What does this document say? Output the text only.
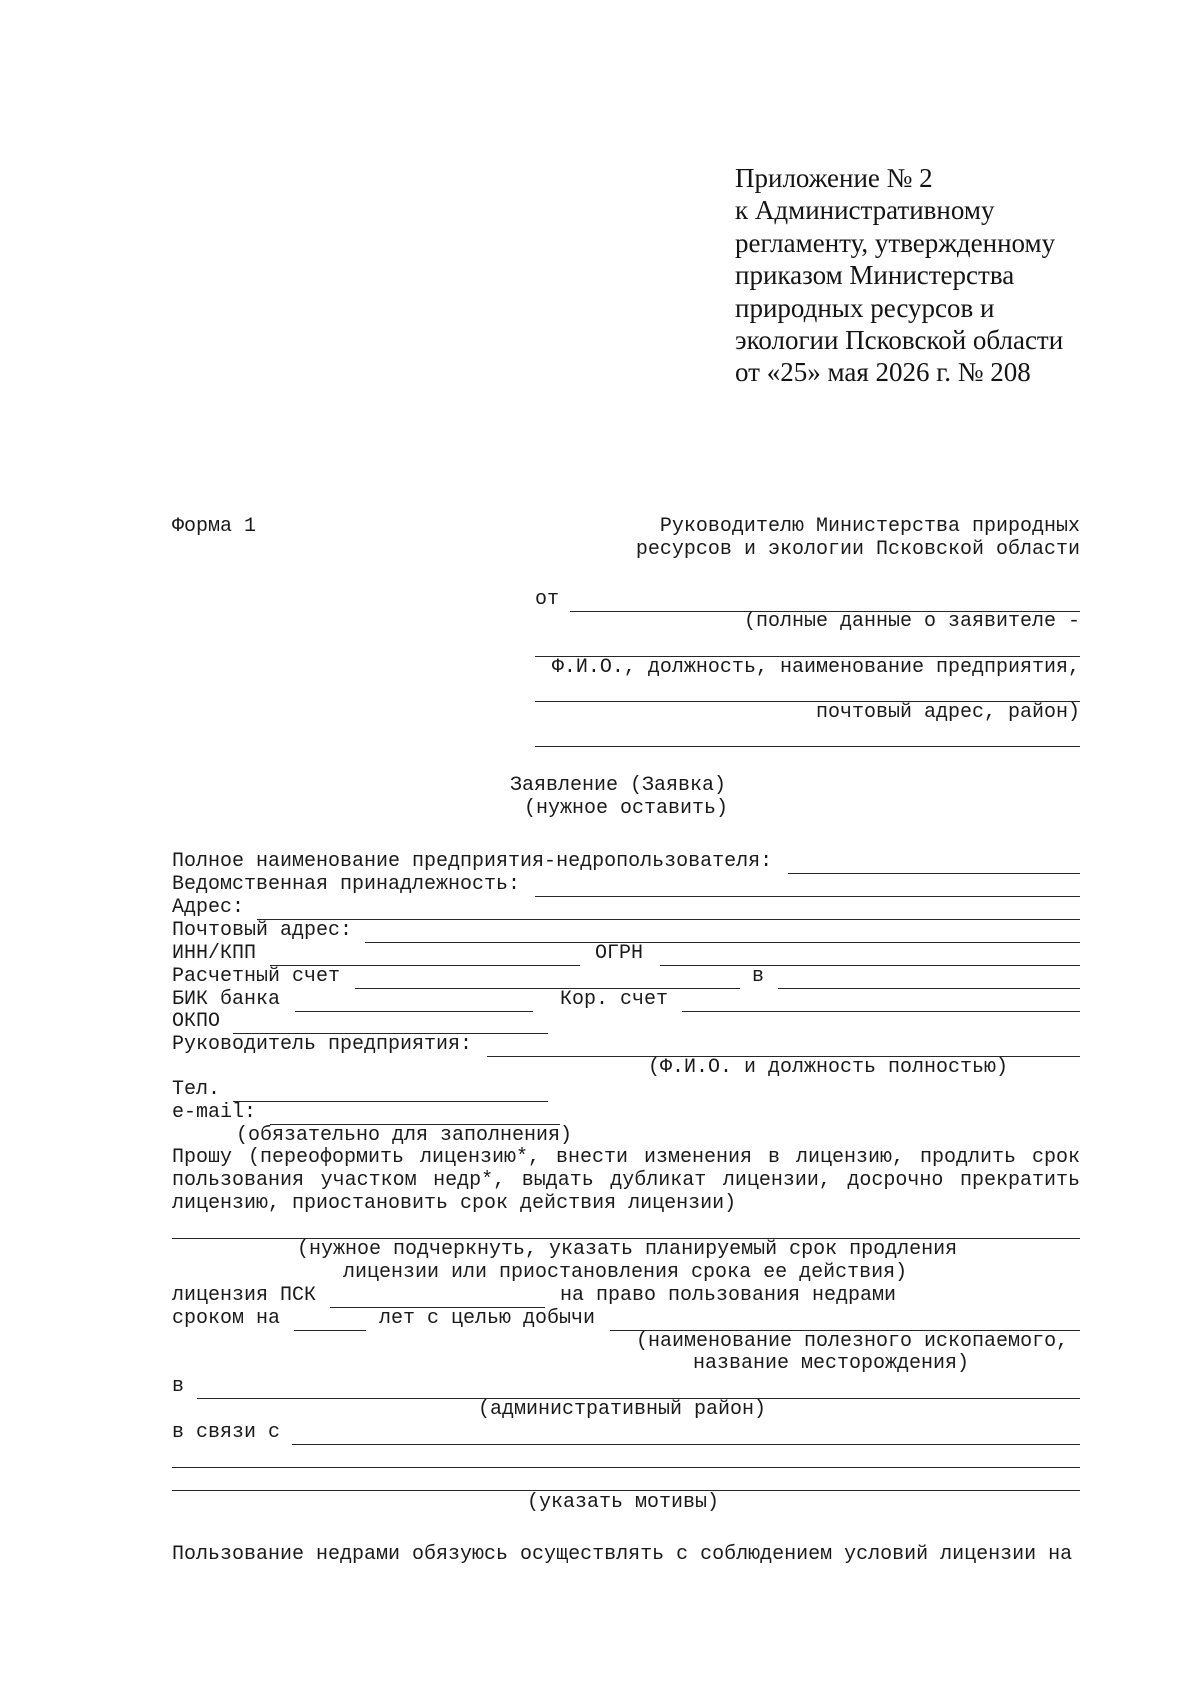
Приложение № 2
к Административному
регламенту, утвержденному
приказом Министерства
природных ресурсов и
экологии Псковской области
от «25» мая 2026 г. № 208
Форма 1	Руководителю Министерства природных
ресурсов и экологии Псковской области
от
(полные данные о заявителе -
Ф.И.О., должность, наименование предприятия,
почтовый адрес, район)
Заявление (Заявка)
(нужное оставить)
Полное наименование предприятия-недропользователя:
Ведомственная принадлежность:
Адрес:
Почтовый адрес:
ИНН/КПП	ОГРН
Расчетный счет	в
БИК банка	Кор. счет
ОКПО
Руководитель предприятия:
(Ф.И.О. и должность полностью)
Тел.
e-mail:
(обязательно для заполнения)
Прошу (переоформить лицензию*, внести изменения в лицензию, продлить срок
пользования участком недр*, выдать дубликат лицензии, досрочно прекратить
лицензию, приостановить срок действия лицензии)
(нужное подчеркнуть, указать планируемый срок продления
лицензии или приостановления срока ее действия)
лицензия ПСК	на право пользования недрами
сроком на	лет с целью добычи
(наименование полезного ископаемого,
название месторождения)
в
(административный район)
в связи с
(указать мотивы)
Пользование недрами обязуюсь осуществлять с соблюдением условий лицензии на
